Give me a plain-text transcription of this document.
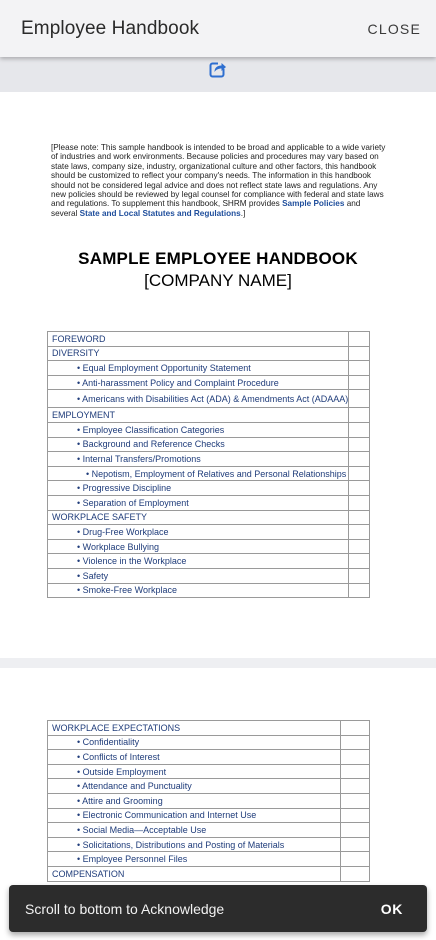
Employee Handbook	CLOSE

[Please note: This sample handbook is intended to be broad and applicable to a wide variety of industries and work environments. Because policies and procedures may vary based on state laws, company size, industry, organizational culture and other factors, this handbook should be customized to reflect your company's needs. The information in this handbook should not be considered legal advice and does not reflect state laws and regulations. Any new policies should be reviewed by legal counsel for compliance with federal and state laws and regulations. To supplement this handbook, SHRM provides Sample Policies and several State and Local Statutes and Regulations.]

SAMPLE EMPLOYEE HANDBOOK
[COMPANY NAME]
FOREWORD	
DIVERSITY	
• Equal Employment Opportunity Statement	
• Anti-harassment Policy and Complaint Procedure	
• Americans with Disabilities Act (ADA) & Amendments Act (ADAAA)	
EMPLOYMENT	
• Employee Classification Categories	
• Background and Reference Checks	
• Internal Transfers/Promotions	
• Nepotism, Employment of Relatives and Personal Relationships	
• Progressive Discipline	
• Separation of Employment	
WORKPLACE SAFETY	
• Drug-Free Workplace	
• Workplace Bullying	
• Violence in the Workplace	
• Safety	
• Smoke-Free Workplace	
WORKPLACE EXPECTATIONS	
• Confidentiality	
• Conflicts of Interest	
• Outside Employment	
• Attendance and Punctuality	
• Attire and Grooming	
• Electronic Communication and Internet Use	
• Social Media—Acceptable Use	
• Solicitations, Distributions and Posting of Materials	
• Employee Personnel Files	
COMPENSATION	
Scroll to bottom to Acknowledge	OK
